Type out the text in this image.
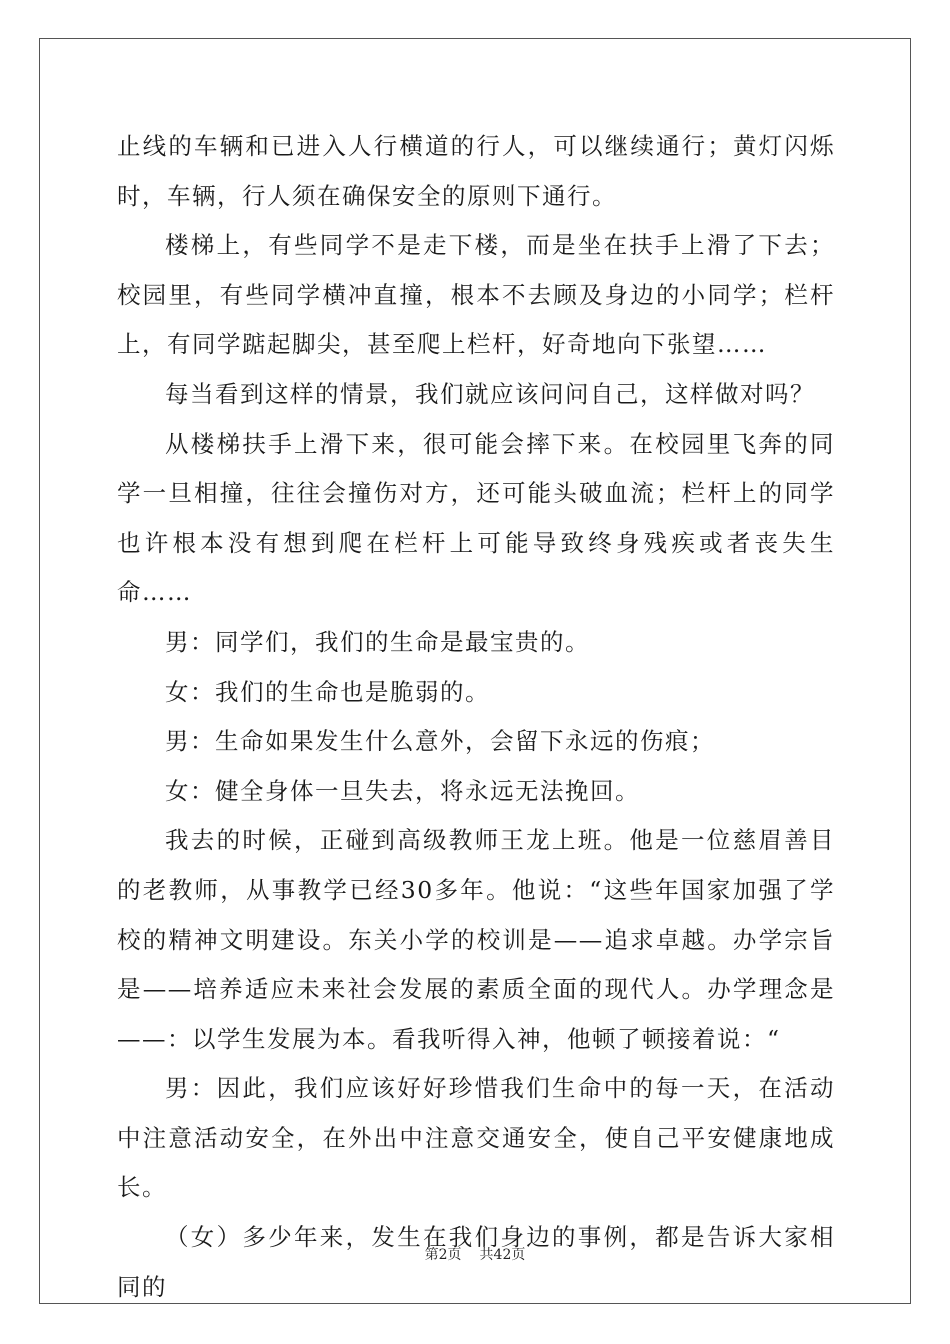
止线的车辆和已进入人行横道的行人，可以继续通行；黄灯闪烁时，车辆，行人须在确保安全的原则下通行。

楼梯上，有些同学不是走下楼，而是坐在扶手上滑了下去；校园里，有些同学横冲直撞，根本不去顾及身边的小同学；栏杆上，有同学踮起脚尖，甚至爬上栏杆，好奇地向下张望……

每当看到这样的情景，我们就应该问问自己，这样做对吗？

从楼梯扶手上滑下来，很可能会摔下来。在校园里飞奔的同学一旦相撞，往往会撞伤对方，还可能头破血流；栏杆上的同学也许根本没有想到爬在栏杆上可能导致终身残疾或者丧失生命……

男：同学们，我们的生命是最宝贵的。

女：我们的生命也是脆弱的。

男：生命如果发生什么意外，会留下永远的伤痕；

女：健全身体一旦失去，将永远无法挽回。

我去的时候，正碰到高级教师王龙上班。他是一位慈眉善目的老教师，从事教学已经30多年。他说：“这些年国家加强了学校的精神文明建设。东关小学的校训是——追求卓越。办学宗旨是——培养适应未来社会发展的素质全面的现代人。办学理念是——：以学生发展为本。看我听得入神，他顿了顿接着说：“

男：因此，我们应该好好珍惜我们生命中的每一天，在活动中注意活动安全，在外出中注意交通安全，使自己平安健康地成长。

（女）多少年来，发生在我们身边的事例，都是告诉大家相同的

第2页 共42页
